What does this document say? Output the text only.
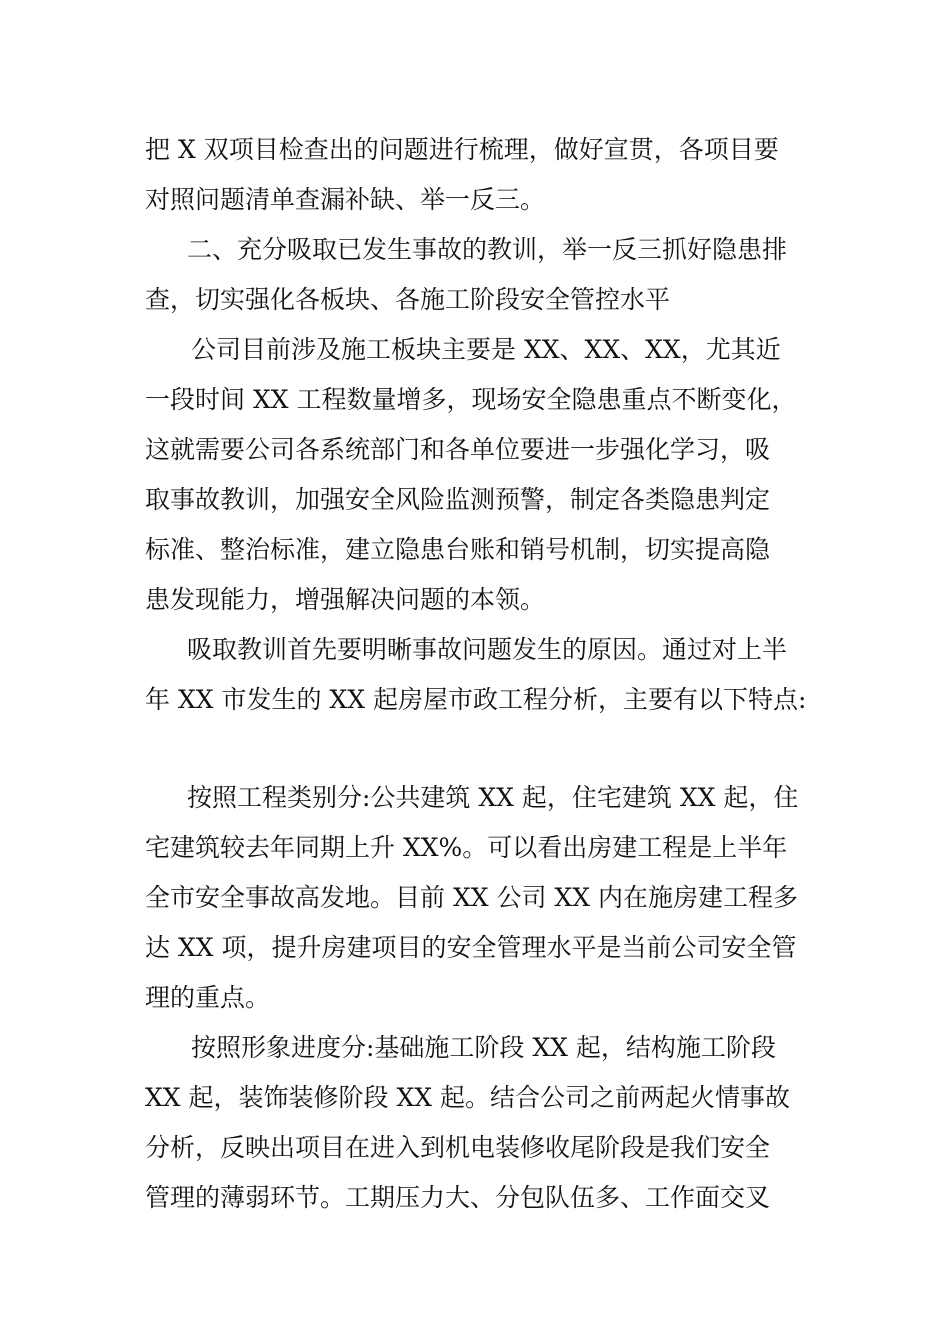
把 X 双项目检查出的问题进行梳理，做好宣贯，各项目要
对照问题清单查漏补缺、举一反三。
二、充分吸取已发生事故的教训，举一反三抓好隐患排
查，切实强化各板块、各施工阶段安全管控水平
公司目前涉及施工板块主要是 XX、XX、XX，尤其近
一段时间 XX 工程数量增多，现场安全隐患重点不断变化，
这就需要公司各系统部门和各单位要进一步强化学习，吸
取事故教训，加强安全风险监测预警，制定各类隐患判定
标准、整治标准，建立隐患台账和销号机制，切实提高隐
患发现能力，增强解决问题的本领。
吸取教训首先要明晰事故问题发生的原因。通过对上半
年 XX 市发生的 XX 起房屋市政工程分析，主要有以下特点:
按照工程类别分:公共建筑 XX 起，住宅建筑 XX 起，住
宅建筑较去年同期上升 XX%。可以看出房建工程是上半年
全市安全事故高发地。目前 XX 公司 XX 内在施房建工程多
达 XX 项，提升房建项目的安全管理水平是当前公司安全管
理的重点。
按照形象进度分:基础施工阶段 XX 起，结构施工阶段
XX 起，装饰装修阶段 XX 起。结合公司之前两起火情事故
分析，反映出项目在进入到机电装修收尾阶段是我们安全
管理的薄弱环节。工期压力大、分包队伍多、工作面交叉
